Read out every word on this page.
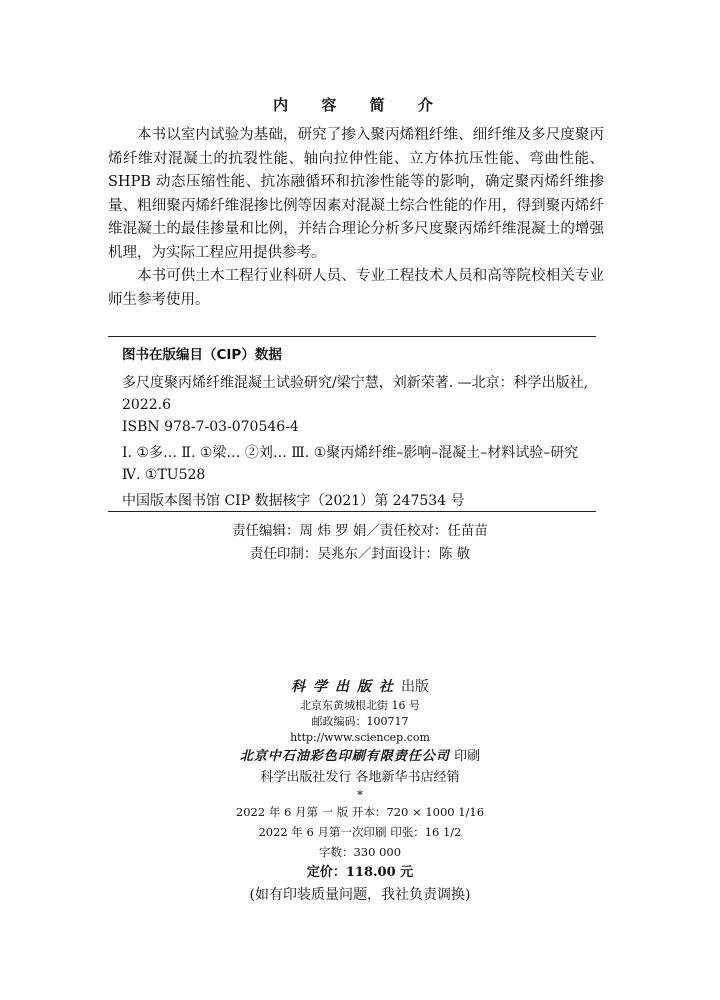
内 容 简 介

本书以室内试验为基础，研究了掺入聚丙烯粗纤维、细纤维及多尺度聚丙烯纤维对混凝土的抗裂性能、轴向拉伸性能、立方体抗压性能、弯曲性能、SHPB 动态压缩性能、抗冻融循环和抗渗性能等的影响，确定聚丙烯纤维掺量、粗细聚丙烯纤维混掺比例等因素对混凝土综合性能的作用，得到聚丙烯纤维混凝土的最佳掺量和比例，并结合理论分析多尺度聚丙烯纤维混凝土的增强机理，为实际工程应用提供参考。

本书可供土木工程行业科研人员、专业工程技术人员和高等院校相关专业师生参考使用。

图书在版编目（CIP）数据

多尺度聚丙烯纤维混凝土试验研究/梁宁慧，刘新荣著. —北京：科学出版社, 2022.6

ISBN 978-7-03-070546-4

Ⅰ. ①多… Ⅱ. ①梁… ②刘… Ⅲ. ①聚丙烯纤维–影响–混凝土–材料试验–研究 Ⅳ. ①TU528

中国版本图书馆 CIP 数据核字（2021）第 247534 号

责任编辑：周 炜 罗 娟／责任校对：任苗苗
责任印制：吴兆东／封面设计：陈 敬
科学出版社出版
北京东黄城根北街 16 号
邮政编码：100717
http://www.sciencep.com
北京中石油彩色印刷有限责任公司 印刷
科学出版社发行 各地新华书店经销
*
2022 年 6 月第 一 版 开本：720 × 1000 1/16
2022 年 6 月第一次印刷 印张：16 1/2
字数：330 000
定价：118.00 元
(如有印装质量问题，我社负责调换)
